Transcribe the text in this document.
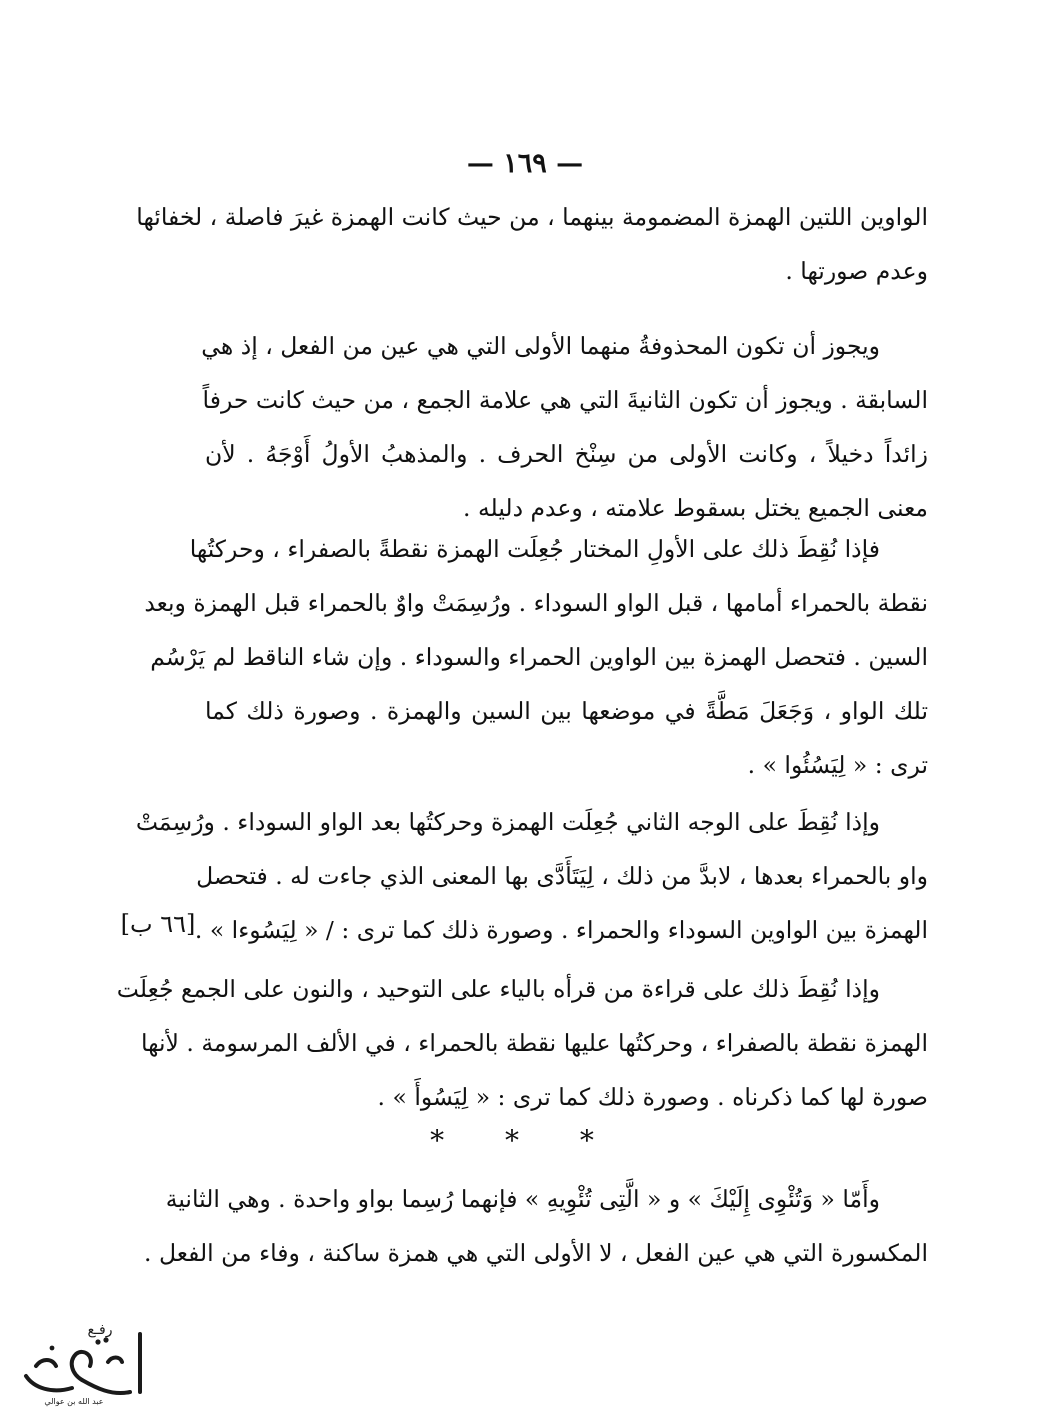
— ١٦٩ —
الواوين اللتين الهمزة المضمومة بينهما ، من حيث كانت الهمزة غيرَ فاصلة ، لخفائها
وعدم صورتها .
ويجوز أن تكون المحذوفةُ منهما الأولى التي هي عين من الفعل ، إذ هي
السابقة . ويجوز أن تكون الثانيةَ التي هي علامة الجمع ، من حيث كانت حرفاً
زائداً دخيلاً ، وكانت الأولى من سِنْخ الحرف . والمذهبُ الأولُ أَوْجَهُ . لأن
معنى الجميع يختل بسقوط علامته ، وعدم دليله .
فإذا نُقِطَ ذلك على الأولِ المختار جُعِلَت الهمزة نقطةً بالصفراء ، وحركتُها
نقطة بالحمراء أمامها ، قبل الواو السوداء . ورُسِمَتْ واوٌ بالحمراء قبل الهمزة وبعد
السين . فتحصل الهمزة بين الواوين الحمراء والسوداء . وإن شاء الناقط لم يَرْسُم
تلك الواو ، وَجَعَلَ مَطَّةً في موضعها بين السين والهمزة . وصورة ذلك كما
ترى : « لِيَسُئُوا » .
وإذا نُقِطَ على الوجه الثاني جُعِلَت الهمزة وحركتُها بعد الواو السوداء . ورُسِمَتْ
واو بالحمراء بعدها ، لابدَّ من ذلك ، لِيَتَأَدَّى بها المعنى الذي جاءت له . فتحصل
الهمزة بين الواوين السوداء والحمراء . وصورة ذلك كما ترى : / « لِيَسُوءا » .
[٦٦ ب]
وإذا نُقِطَ ذلك على قراءة من قرأه بالياء على التوحيد ، والنون على الجمع جُعِلَت
الهمزة نقطة بالصفراء ، وحركتُها عليها نقطة بالحمراء ، في الألف المرسومة . لأنها
صورة لها كما ذكرناه . وصورة ذلك كما ترى : « لِيَسُوأَ » .
* * *
وأَمّا « وَتُئْوِى إِلَيْكَ » و « الَّتِى تُئْوِيهِ » فإنهما رُسِما بواو واحدة . وهي الثانية
المكسورة التي هي عين الفعل ، لا الأولى التي هي همزة ساكنة ، وفاء من الفعل .
رفـع
عبد الله بن عوالي
